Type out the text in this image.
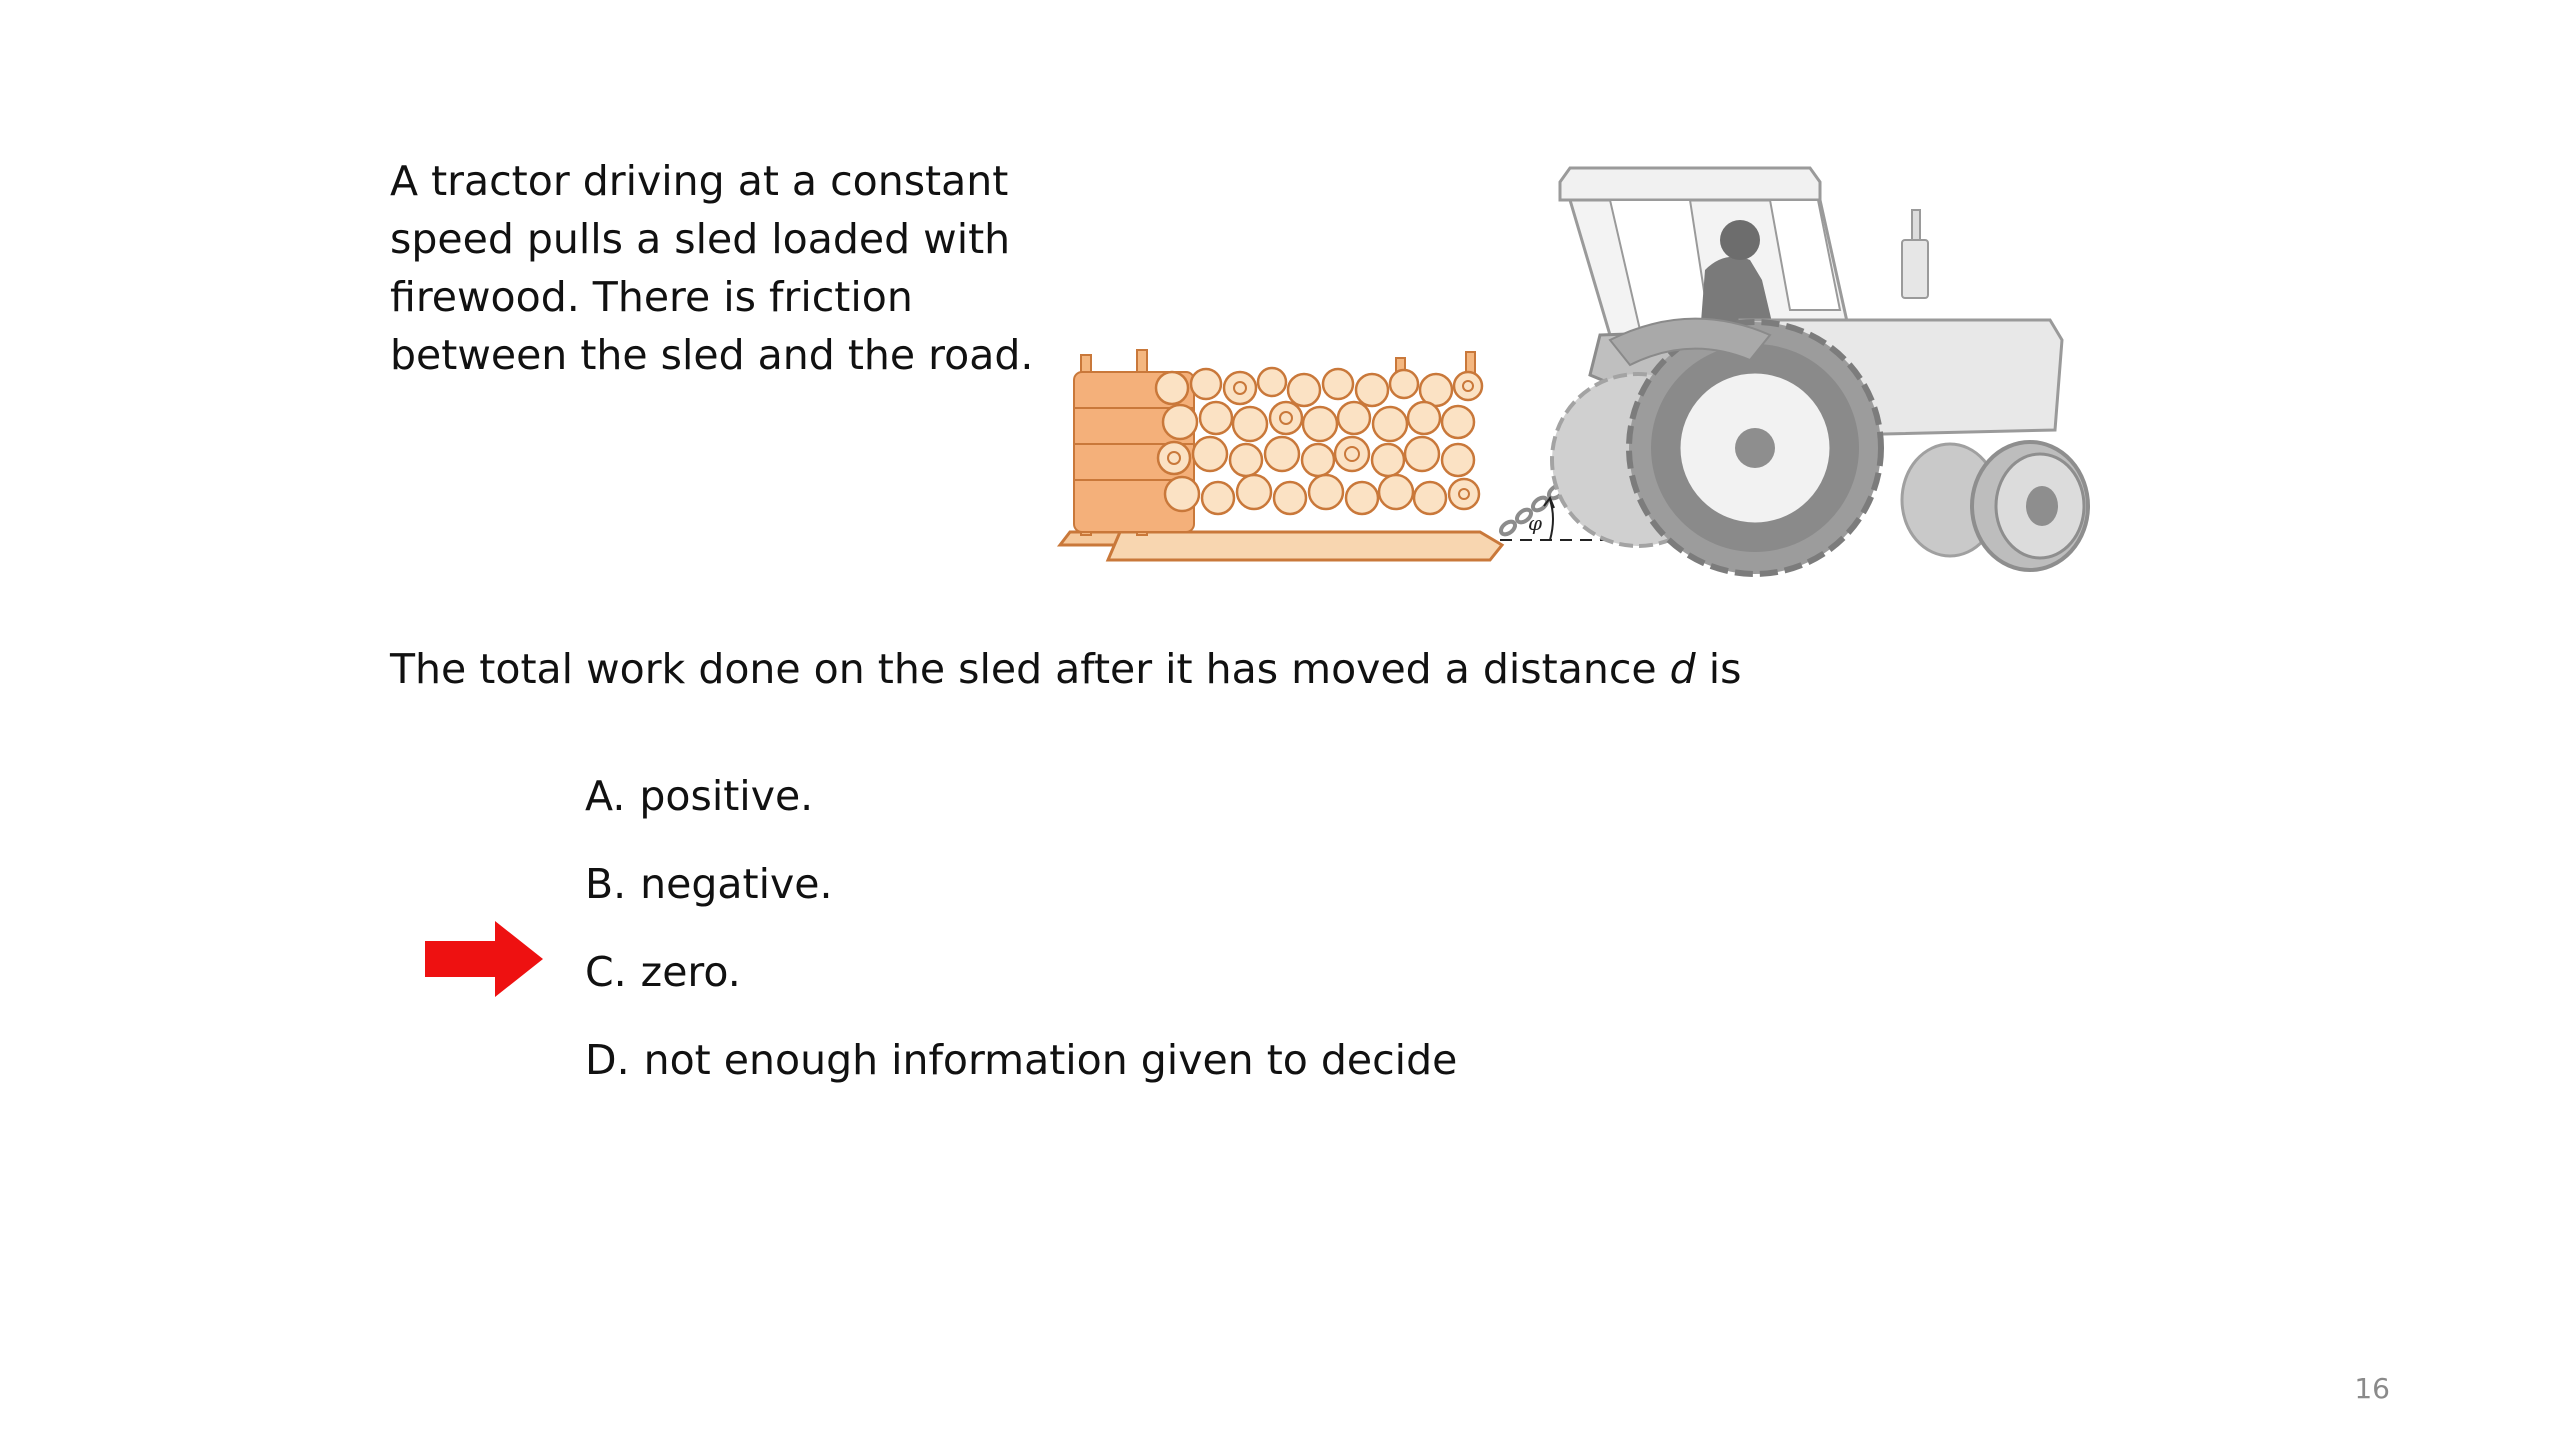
A tractor driving at a constant
speed pulls a sled loaded with
firewood. There is friction
between the sled and the road.
φ
The total work done on the sled after it has moved a distance d is
A. positive.
B. negative.
C. zero.
D. not enough information given to decide
16
